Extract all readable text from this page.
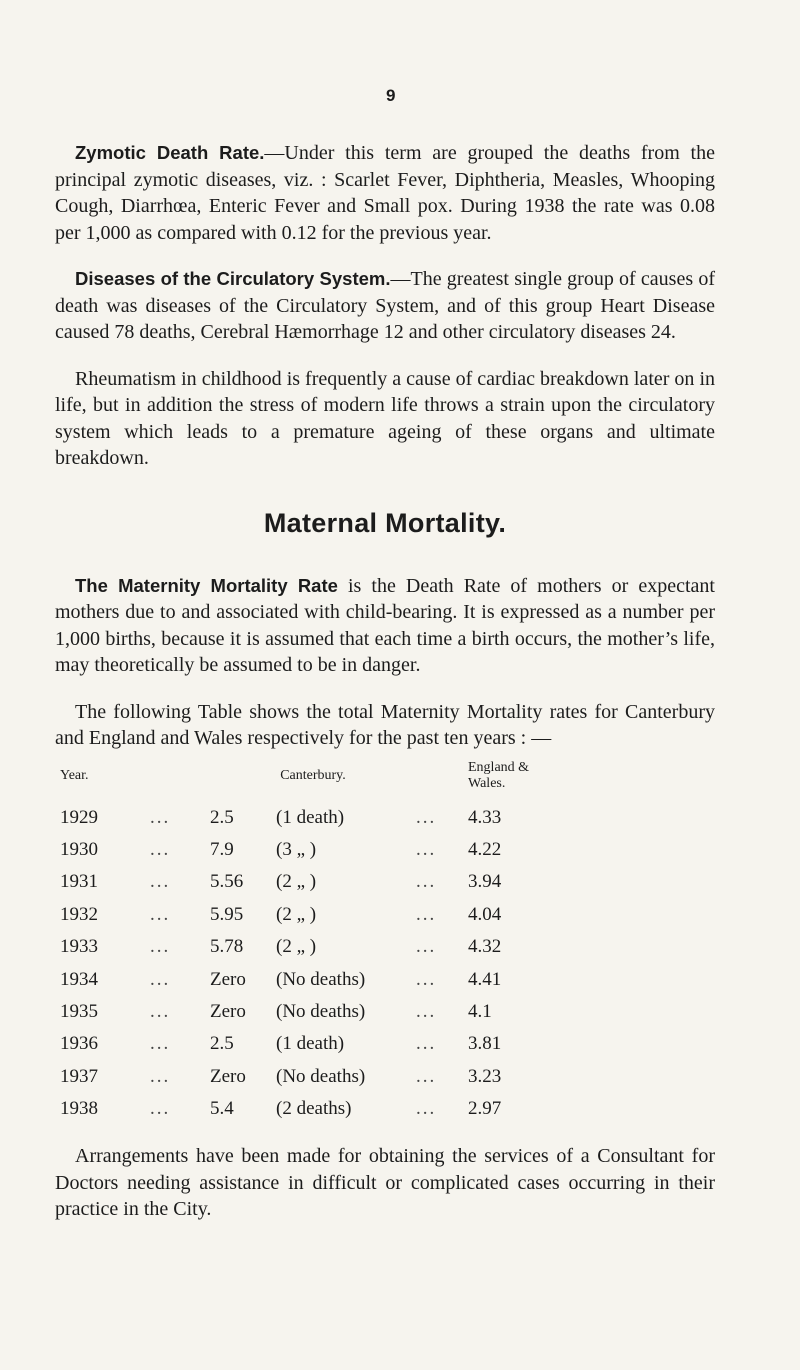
9

Zymotic Death Rate.—Under this term are grouped the deaths from the principal zymotic diseases, viz. : Scarlet Fever, Diphtheria, Measles, Whooping Cough, Diarrhœa, Enteric Fever and Small pox. During 1938 the rate was 0.08 per 1,000 as compared with 0.12 for the previous year.

Diseases of the Circulatory System.—The greatest single group of causes of death was diseases of the Circulatory System, and of this group Heart Disease caused 78 deaths, Cerebral Hæmorrhage 12 and other circulatory diseases 24.

Rheumatism in childhood is frequently a cause of cardiac breakdown later on in life, but in addition the stress of modern life throws a strain upon the circulatory system which leads to a premature ageing of these organs and ultimate breakdown.

Maternal Mortality.

The Maternity Mortality Rate is the Death Rate of mothers or expectant mothers due to and associated with child-bearing. It is expressed as a number per 1,000 births, because it is assumed that each time a birth occurs, the mother’s life, may theoretically be assumed to be in danger.

The following Table shows the total Maternity Mortality rates for Canterbury and England and Wales respectively for the past ten years : —

Year.		Canterbury.			England & Wales.
1929	...	2.5	(1 death)	...	4.33
1930	...	7.9	(3 „ )	...	4.22
1931	...	5.56	(2 „ )	...	3.94
1932	...	5.95	(2 „ )	...	4.04
1933	...	5.78	(2 „ )	...	4.32
1934	...	Zero	(No deaths)	...	4.41
1935	...	Zero	(No deaths)	...	4.1
1936	...	2.5	(1 death)	...	3.81
1937	...	Zero	(No deaths)	...	3.23
1938	...	5.4	(2 deaths)	...	2.97

Arrangements have been made for obtaining the services of a Consultant for Doctors needing assistance in difficult or complicated cases occurring in their practice in the City.
